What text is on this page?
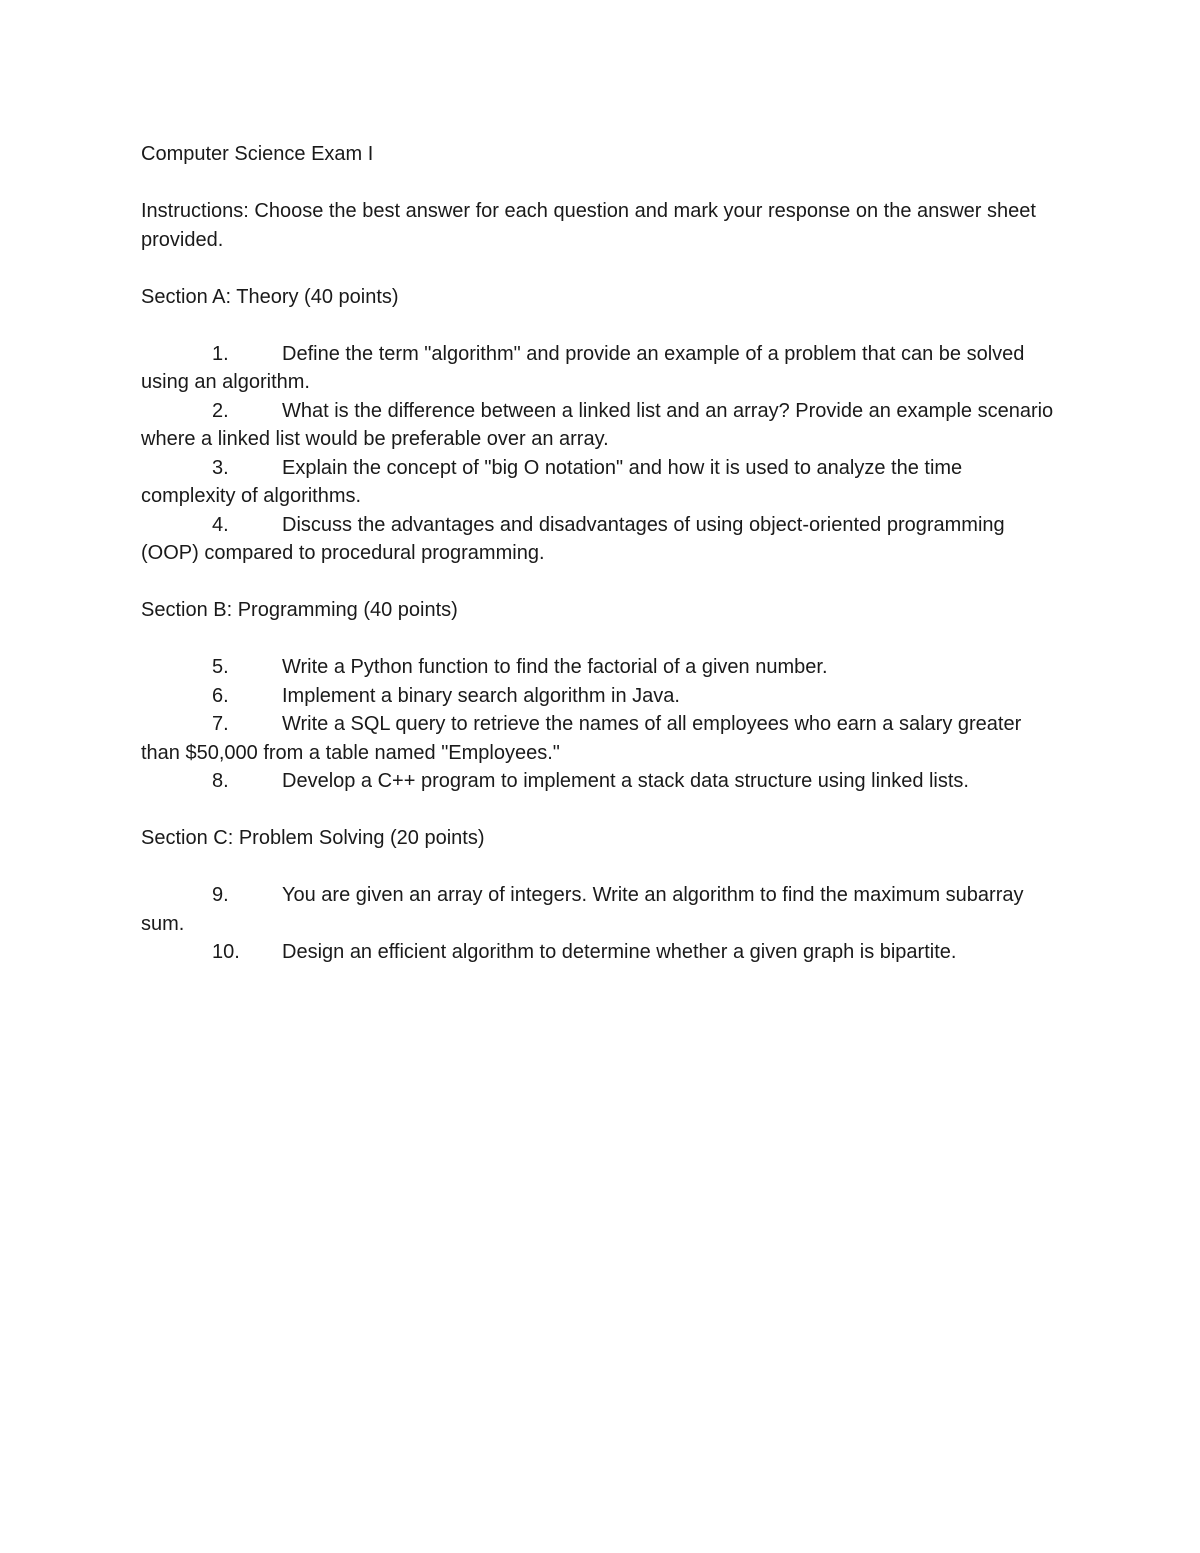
Computer Science Exam I

Instructions: Choose the best answer for each question and mark your response on the answer sheet provided.

Section A: Theory (40 points)

1.	Define the term "algorithm" and provide an example of a problem that can be solved using an algorithm.

2.	What is the difference between a linked list and an array? Provide an example scenario where a linked list would be preferable over an array.

3.	Explain the concept of "big O notation" and how it is used to analyze the time complexity of algorithms.

4.	Discuss the advantages and disadvantages of using object-oriented programming (OOP) compared to procedural programming.

Section B: Programming (40 points)

5.	Write a Python function to find the factorial of a given number.

6.	Implement a binary search algorithm in Java.

7.	Write a SQL query to retrieve the names of all employees who earn a salary greater than $50,000 from a table named "Employees."

8.	Develop a C++ program to implement a stack data structure using linked lists.

Section C: Problem Solving (20 points)

9.	You are given an array of integers. Write an algorithm to find the maximum subarray sum.

10. Design an efficient algorithm to determine whether a given graph is bipartite.
